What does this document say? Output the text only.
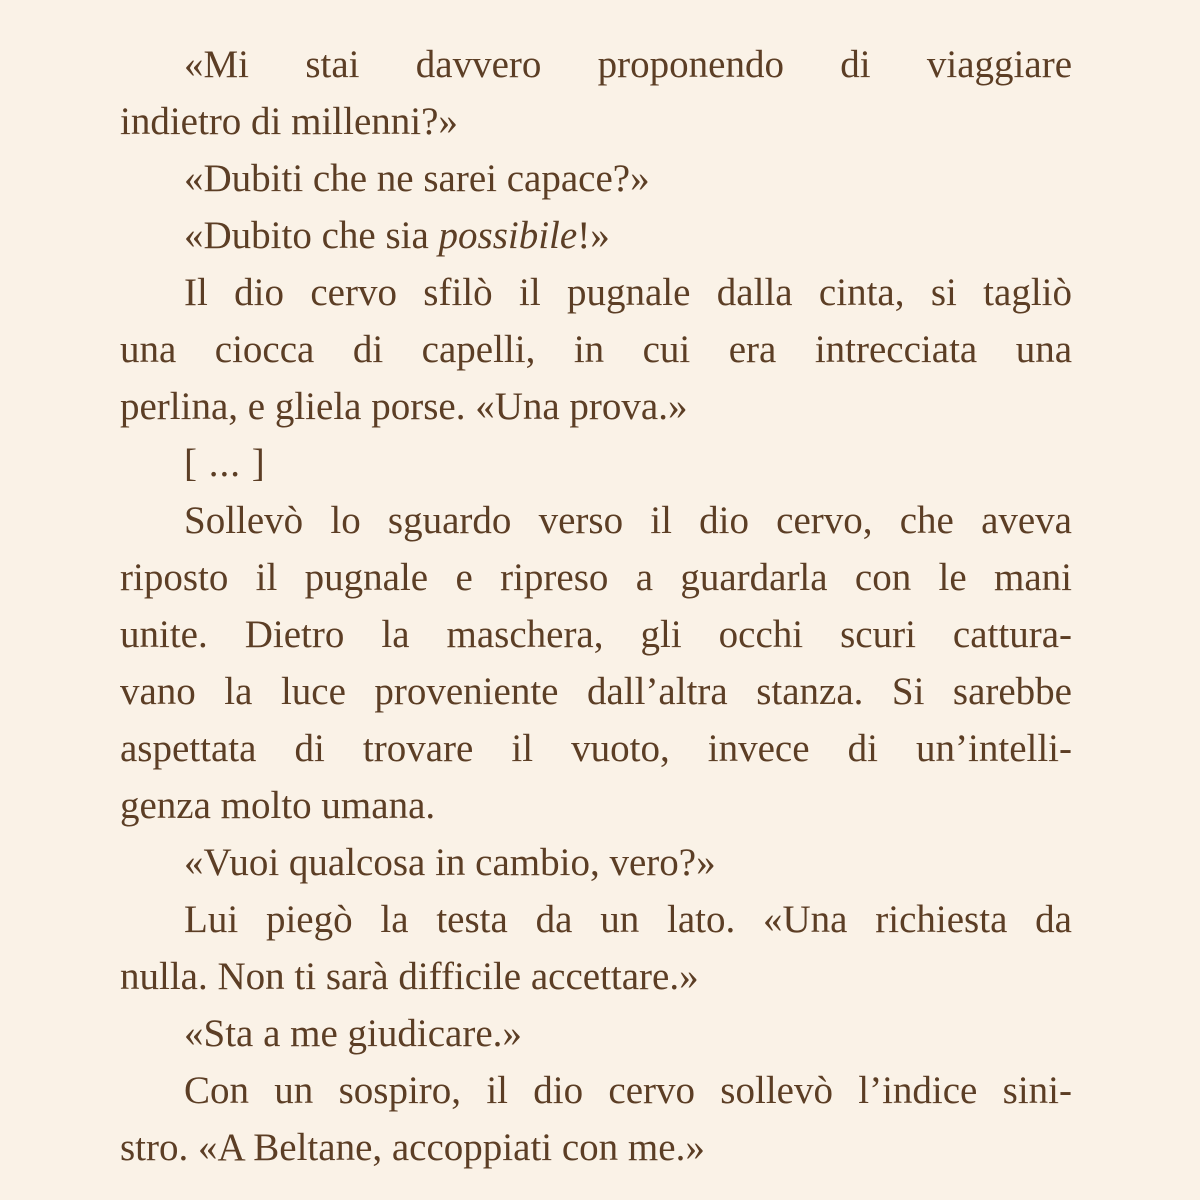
«Mi stai davvero proponendo di viaggiare
indietro di millenni?»
«Dubiti che ne sarei capace?»
«Dubito che sia possibile!»
Il dio cervo sfilò il pugnale dalla cinta, si tagliò
una ciocca di capelli, in cui era intrecciata una
perlina, e gliela porse. «Una prova.»
[ ... ]
Sollevò lo sguardo verso il dio cervo, che aveva
riposto il pugnale e ripreso a guardarla con le mani
unite. Dietro la maschera, gli occhi scuri cattura-
vano la luce proveniente dall’altra stanza. Si sarebbe
aspettata di trovare il vuoto, invece di un’intelli-
genza molto umana.
«Vuoi qualcosa in cambio, vero?»
Lui piegò la testa da un lato. «Una richiesta da
nulla. Non ti sarà difficile accettare.»
«Sta a me giudicare.»
Con un sospiro, il dio cervo sollevò l’indice sini-
stro. «A Beltane, accoppiati con me.»
